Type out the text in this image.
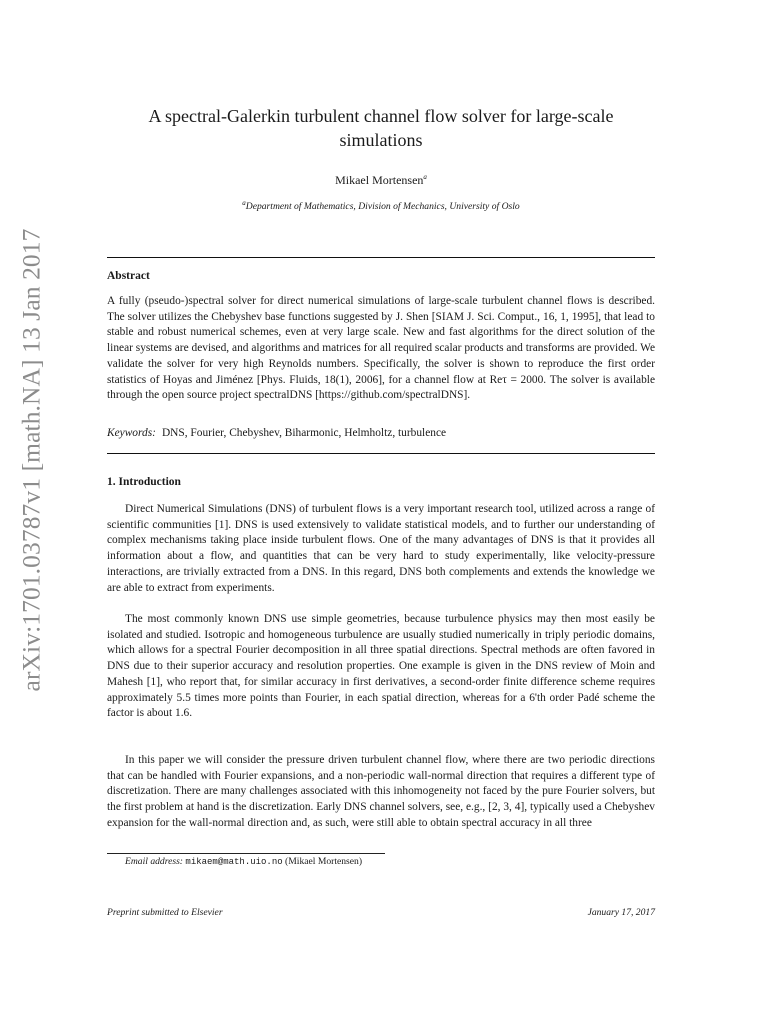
arXiv:1701.03787v1 [math.NA] 13 Jan 2017
A spectral-Galerkin turbulent channel flow solver for large-scale simulations
Mikael Mortensen$^a$
$^a$Department of Mathematics, Division of Mechanics, University of Oslo
Abstract

A fully (pseudo-)spectral solver for direct numerical simulations of large-scale turbulent channel flows is described. The solver utilizes the Chebyshev base functions suggested by J. Shen [SIAM J. Sci. Comput., 16, 1, 1995], that lead to stable and robust numerical schemes, even at very large scale. New and fast algorithms for the direct solution of the linear systems are devised, and algorithms and matrices for all required scalar products and transforms are provided. We validate the solver for very high Reynolds numbers. Specifically, the solver is shown to reproduce the first order statistics of Hoyas and Jiménez [Phys. Fluids, 18(1), 2006], for a channel flow at Reτ = 2000. The solver is available through the open source project spectralDNS [https://github.com/spectralDNS].

Keywords: DNS, Fourier, Chebyshev, Biharmonic, Helmholtz, turbulence
1. Introduction

Direct Numerical Simulations (DNS) of turbulent flows is a very important research tool, utilized across a range of scientific communities [1]. DNS is used extensively to validate statistical models, and to further our understanding of complex mechanisms taking place inside turbulent flows. One of the many advantages of DNS is that it provides all information about a flow, and quantities that can be very hard to study experimentally, like velocity-pressure interactions, are trivially extracted from a DNS. In this regard, DNS both complements and extends the knowledge we are able to extract from experiments.

The most commonly known DNS use simple geometries, because turbulence physics may then most easily be isolated and studied. Isotropic and homogeneous turbulence are usually studied numerically in triply periodic domains, which allows for a spectral Fourier decomposition in all three spatial directions. Spectral methods are often favored in DNS due to their superior accuracy and resolution properties. One example is given in the DNS review of Moin and Mahesh [1], who report that, for similar accuracy in first derivatives, a second-order finite difference scheme requires approximately 5.5 times more points than Fourier, in each spatial direction, whereas for a 6'th order Padé scheme the factor is about 1.6.

In this paper we will consider the pressure driven turbulent channel flow, where there are two periodic directions that can be handled with Fourier expansions, and a non-periodic wall-normal direction that requires a different type of discretization. There are many challenges associated with this inhomogeneity not faced by the pure Fourier solvers, but the first problem at hand is the discretization. Early DNS channel solvers, see, e.g., [2, 3, 4], typically used a Chebyshev expansion for the wall-normal direction and, as such, were still able to obtain spectral accuracy in all three

Email address: mikaem@math.uio.no (Mikael Mortensen)
Preprint submitted to Elsevier	January 17, 2017
